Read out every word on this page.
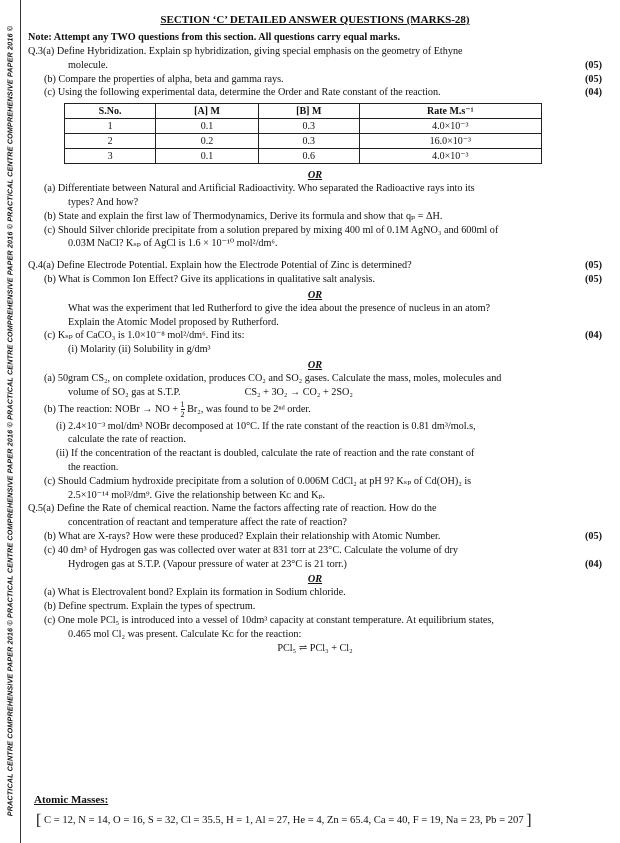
PRACTICAL CENTRE COMPREHENSIVE PAPER 2016 © PRACTICAL CENTRE COMPREHENSIVE PAPER 2016 © PRACTICAL CENTRE COMPREHENSIVE PAPER 2016 © PRACTICAL CENTRE COMPREHENSIVE PAPER 2016 ©
SECTION ‘C’ DETAILED ANSWER QUESTIONS (MARKS-28)
Note: Attempt any TWO questions from this section. All questions carry equal marks.
Q.3(a) Define Hybridization. Explain sp hybridization, giving special emphasis on the geometry of Ethyne
molecule.	(05)
(b) Compare the properties of alpha, beta and gamma rays.	(05)
(c) Using the following experimental data, determine the Order and Rate constant of the reaction.	(04)
S.No.	[A] M	[B] M	Rate M.s⁻¹
1	0.1	0.3	4.0×10⁻³
2	0.2	0.3	16.0×10⁻³
3	0.1	0.6	4.0×10⁻³
OR
(a) Differentiate between Natural and Artificial Radioactivity. Who separated the Radioactive rays into its
types? And how?
(b) State and explain the first law of Thermodynamics, Derive its formula and show that qₚ = ΔH.
(c) Should Silver chloride precipitate from a solution prepared by mixing 400 ml of 0.1M AgNO₃ and 600ml of
0.03M NaCl? Kₛₚ of AgCl is 1.6 × 10⁻¹⁰ mol²/dm⁶.
Q.4(a) Define Electrode Potential. Explain how the Electrode Potential of Zinc is determined?	(05)
(b) What is Common Ion Effect? Give its applications in qualitative salt analysis.	(05)
OR
What was the experiment that led Rutherford to give the idea about the presence of nucleus in an atom?
Explain the Atomic Model proposed by Rutherford.
(c) Kₛₚ of CaCO₃ is 1.0×10⁻⁸ mol²/dm⁶. Find its:	(04)
(i) Molarity (ii) Solubility in g/dm³
OR
(a) 50gram CS₂, on complete oxidation, produces CO₂ and SO₂ gases. Calculate the mass, moles, molecules and
volume of SO₂ gas at S.T.P.	CS₂ + 3O₂ → CO₂ + 2SO₂
(b) The reaction: NOBr → NO + $\frac{1}{2} Br_2$, was found to be 2ⁿᵈ order.
(i) 2.4×10⁻³ mol/dm³ NOBr decomposed at 10°C. If the rate constant of the reaction is 0.81 dm³/mol.s,
calculate the rate of reaction.
(ii) If the concentration of the reactant is doubled, calculate the rate of reaction and the rate constant of
the reaction.
(c) Should Cadmium hydroxide precipitate from a solution of 0.006M CdCl₂ at pH 9? Kₛₚ of Cd(OH)₂ is
2.5×10⁻¹⁴ mol³/dm⁹. Give the relationship between Kᴄ and Kₚ.
Q.5(a) Define the Rate of chemical reaction. Name the factors affecting rate of reaction. How do the
concentration of reactant and temperature affect the rate of reaction?
(b) What are X-rays? How were these produced? Explain their relationship with Atomic Number.	(05)
(c) 40 dm³ of Hydrogen gas was collected over water at 831 torr at 23°C. Calculate the volume of dry
Hydrogen gas at S.T.P. (Vapour pressure of water at 23°C is 21 torr.)	(04)
OR
(a) What is Electrovalent bond? Explain its formation in Sodium chloride.
(b) Define spectrum. Explain the types of spectrum.
(c) One mole PCl₅ is introduced into a vessel of 10dm³ capacity at constant temperature. At equilibrium states,
0.465 mol Cl₂ was present. Calculate Kᴄ for the reaction:
PCl₅ ⇌ PCl₃ + Cl₂
Atomic Masses:
[ C = 12, N = 14, O = 16, S = 32, Cl = 35.5, H = 1, Al = 27, He = 4, Zn = 65.4, Ca = 40, F = 19, Na = 23, Pb = 207 ]
